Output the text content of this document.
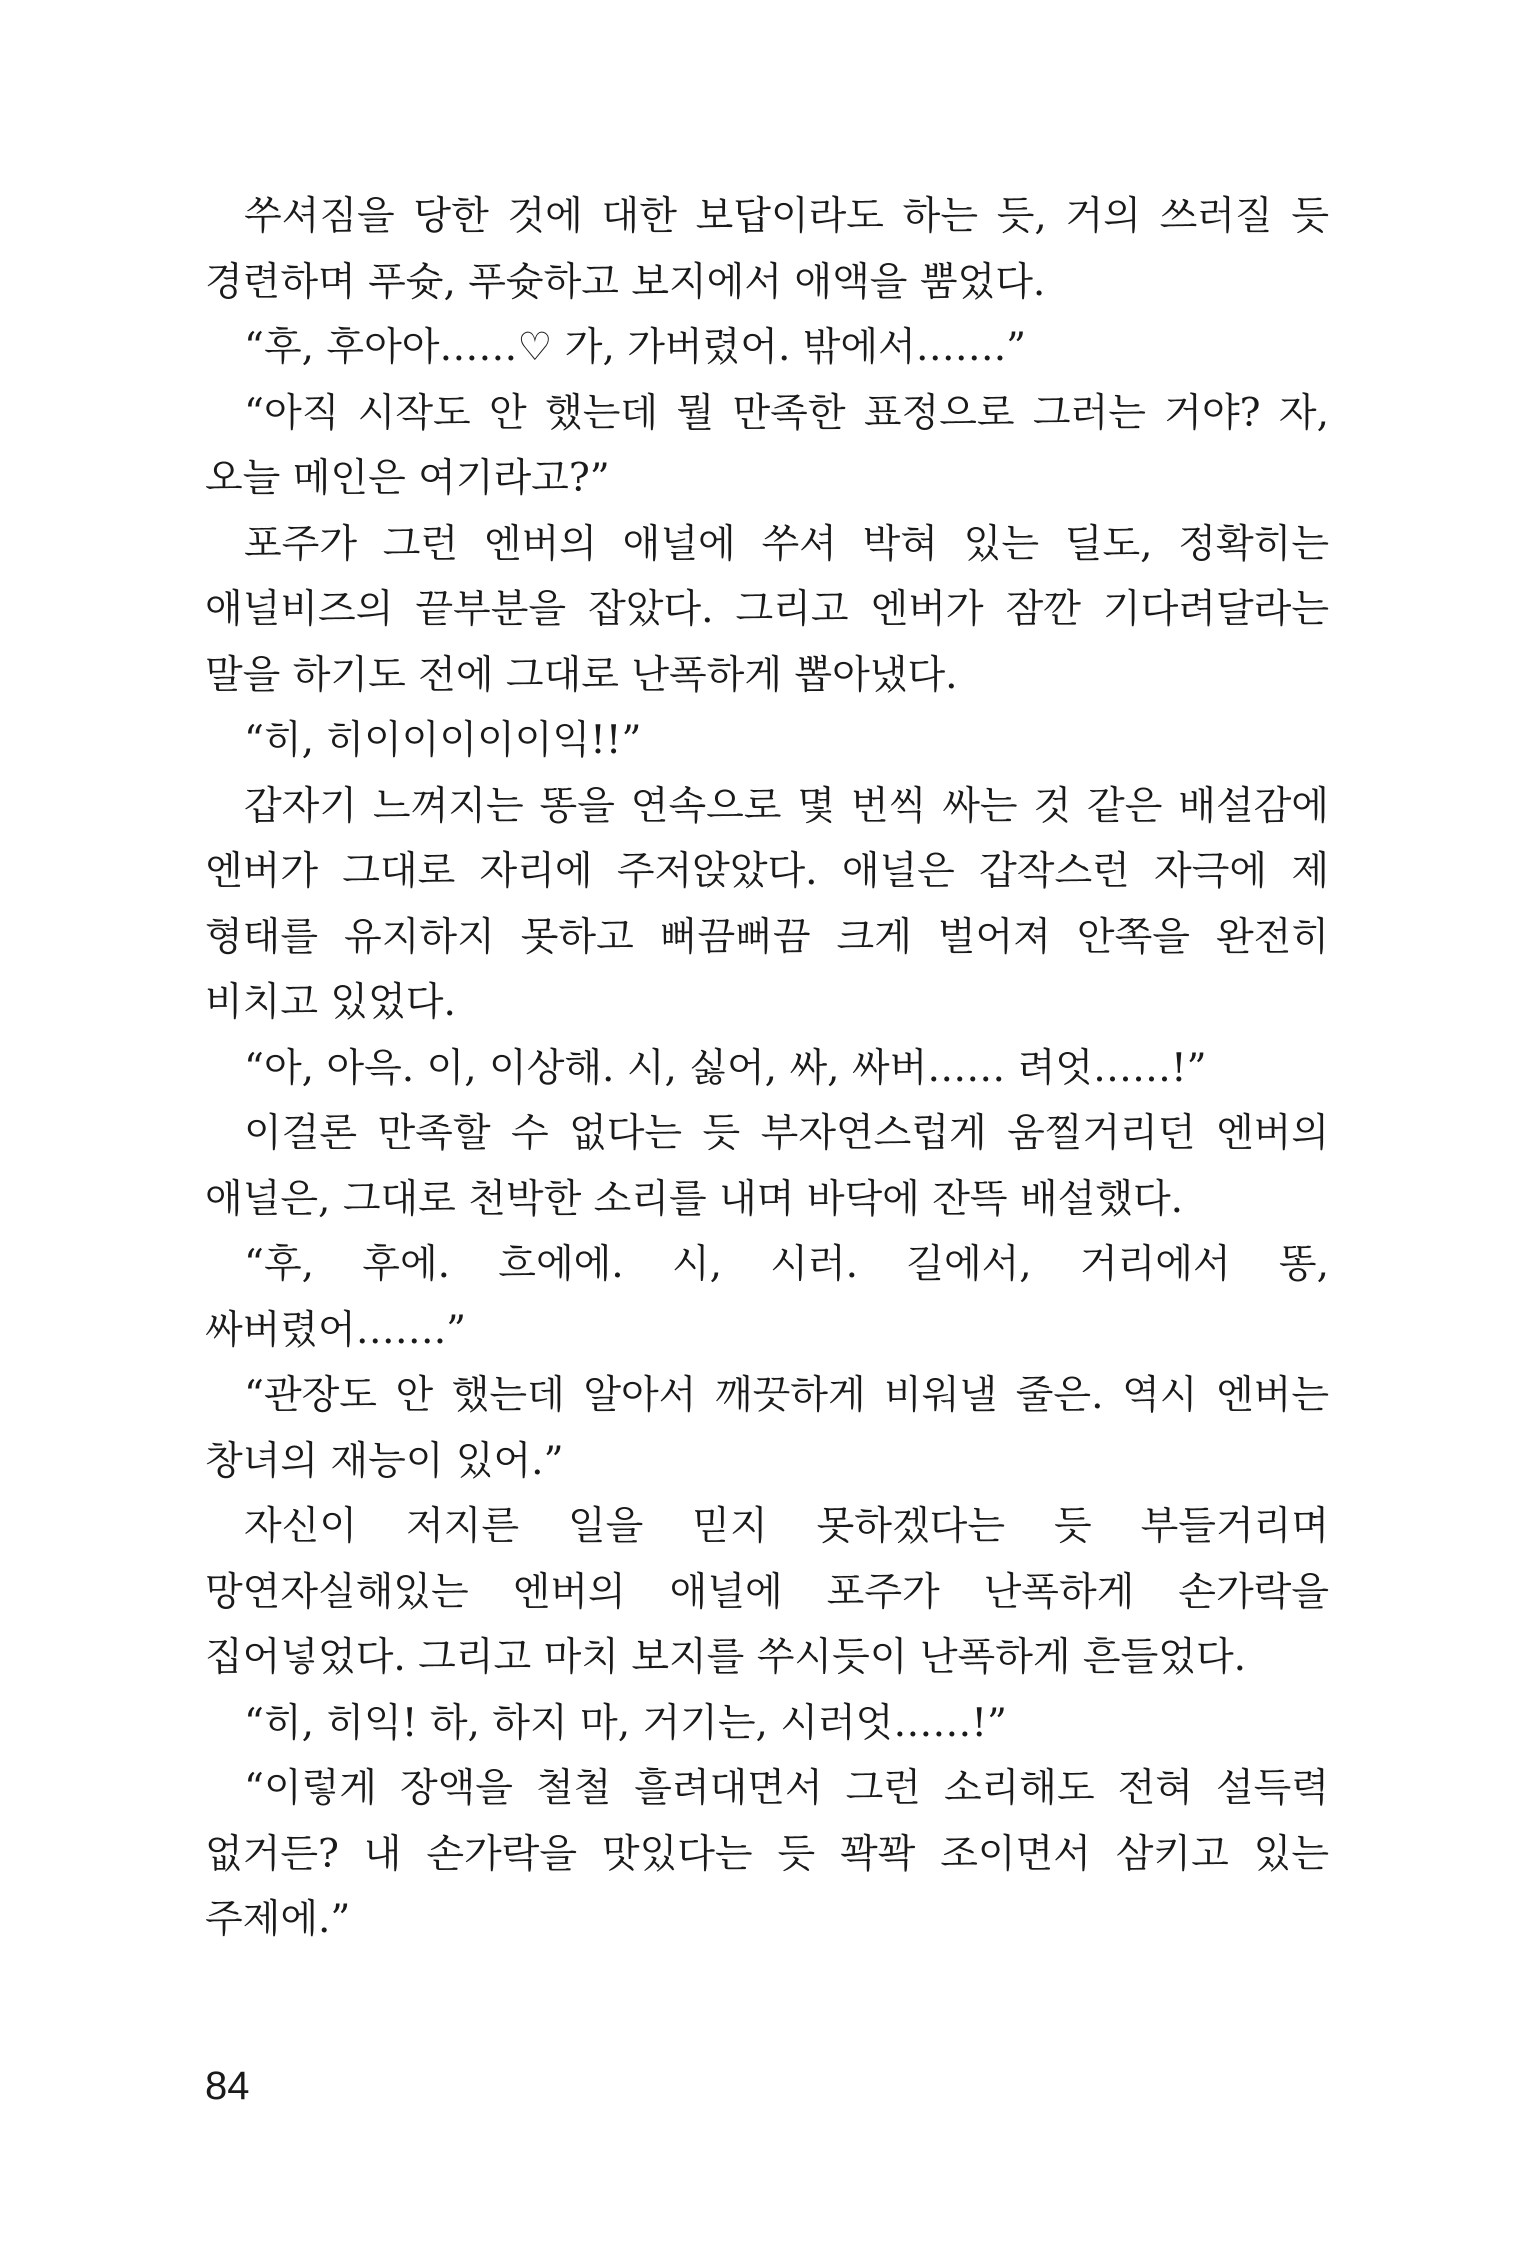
쑤셔짐을 당한 것에 대한 보답이라도 하는 듯, 거의 쓰러질 듯 경련하며 푸슛, 푸슛하고 보지에서 애액을 뿜었다.

“후, 후아아……♡ 가, 가버렸어. 밖에서…….”

“아직 시작도 안 했는데 뭘 만족한 표정으로 그러는 거야? 자, 오늘 메인은 여기라고?”

포주가 그런 엔버의 애널에 쑤셔 박혀 있는 딜도, 정확히는 애널비즈의 끝부분을 잡았다. 그리고 엔버가 잠깐 기다려달라는 말을 하기도 전에 그대로 난폭하게 뽑아냈다.

“히, 히이이이이이익!!”

갑자기 느껴지는 똥을 연속으로 몇 번씩 싸는 것 같은 배설감에 엔버가 그대로 자리에 주저앉았다. 애널은 갑작스런 자극에 제 형태를 유지하지 못하고 뻐끔뻐끔 크게 벌어져 안쪽을 완전히 비치고 있었다.

“아, 아윽. 이, 이상해. 시, 싫어, 싸, 싸버…… 려엇……!”

이걸론 만족할 수 없다는 듯 부자연스럽게 움찔거리던 엔버의 애널은, 그대로 천박한 소리를 내며 바닥에 잔뜩 배설했다.

“후, 후에. 흐에에. 시, 시러. 길에서, 거리에서 똥, 싸버렸어…….”

“관장도 안 했는데 알아서 깨끗하게 비워낼 줄은. 역시 엔버는 창녀의 재능이 있어.”

자신이 저지른 일을 믿지 못하겠다는 듯 부들거리며 망연자실해있는 엔버의 애널에 포주가 난폭하게 손가락을 집어넣었다. 그리고 마치 보지를 쑤시듯이 난폭하게 흔들었다.

“히, 히익! 하, 하지 마, 거기는, 시러엇……!”

“이렇게 장액을 철철 흘려대면서 그런 소리해도 전혀 설득력 없거든? 내 손가락을 맛있다는 듯 꽉꽉 조이면서 삼키고 있는 주제에.”

84
